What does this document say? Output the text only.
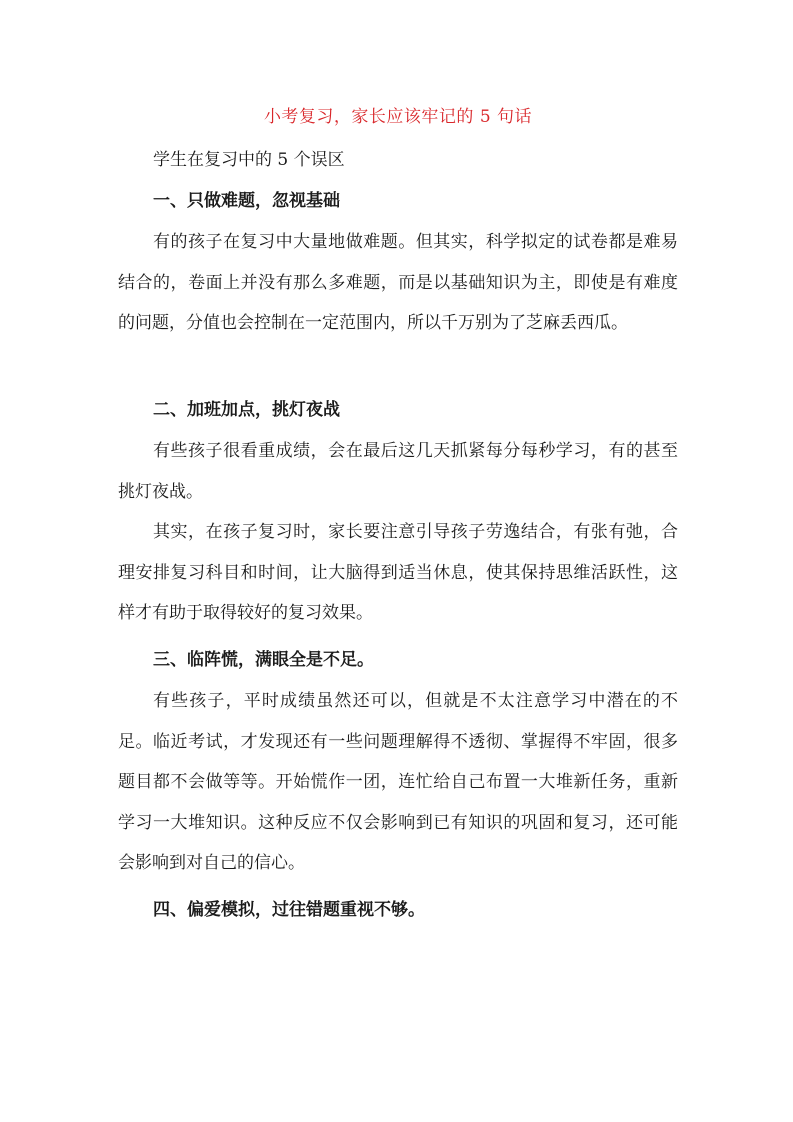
小考复习，家长应该牢记的 5 句话
学生在复习中的 5 个误区
一、只做难题，忽视基础
有的孩子在复习中大量地做难题。但其实，科学拟定的试卷都是难易结合的，卷面上并没有那么多难题，而是以基础知识为主，即使是有难度的问题，分值也会控制在一定范围内，所以千万别为了芝麻丢西瓜。
二、加班加点，挑灯夜战
有些孩子很看重成绩，会在最后这几天抓紧每分每秒学习，有的甚至挑灯夜战。
其实，在孩子复习时，家长要注意引导孩子劳逸结合，有张有弛，合理安排复习科目和时间，让大脑得到适当休息，使其保持思维活跃性，这样才有助于取得较好的复习效果。
三、临阵慌，满眼全是不足。
有些孩子，平时成绩虽然还可以，但就是不太注意学习中潜在的不足。临近考试，才发现还有一些问题理解得不透彻、掌握得不牢固，很多题目都不会做等等。开始慌作一团，连忙给自己布置一大堆新任务，重新学习一大堆知识。这种反应不仅会影响到已有知识的巩固和复习，还可能会影响到对自己的信心。
四、偏爱模拟，过往错题重视不够。
